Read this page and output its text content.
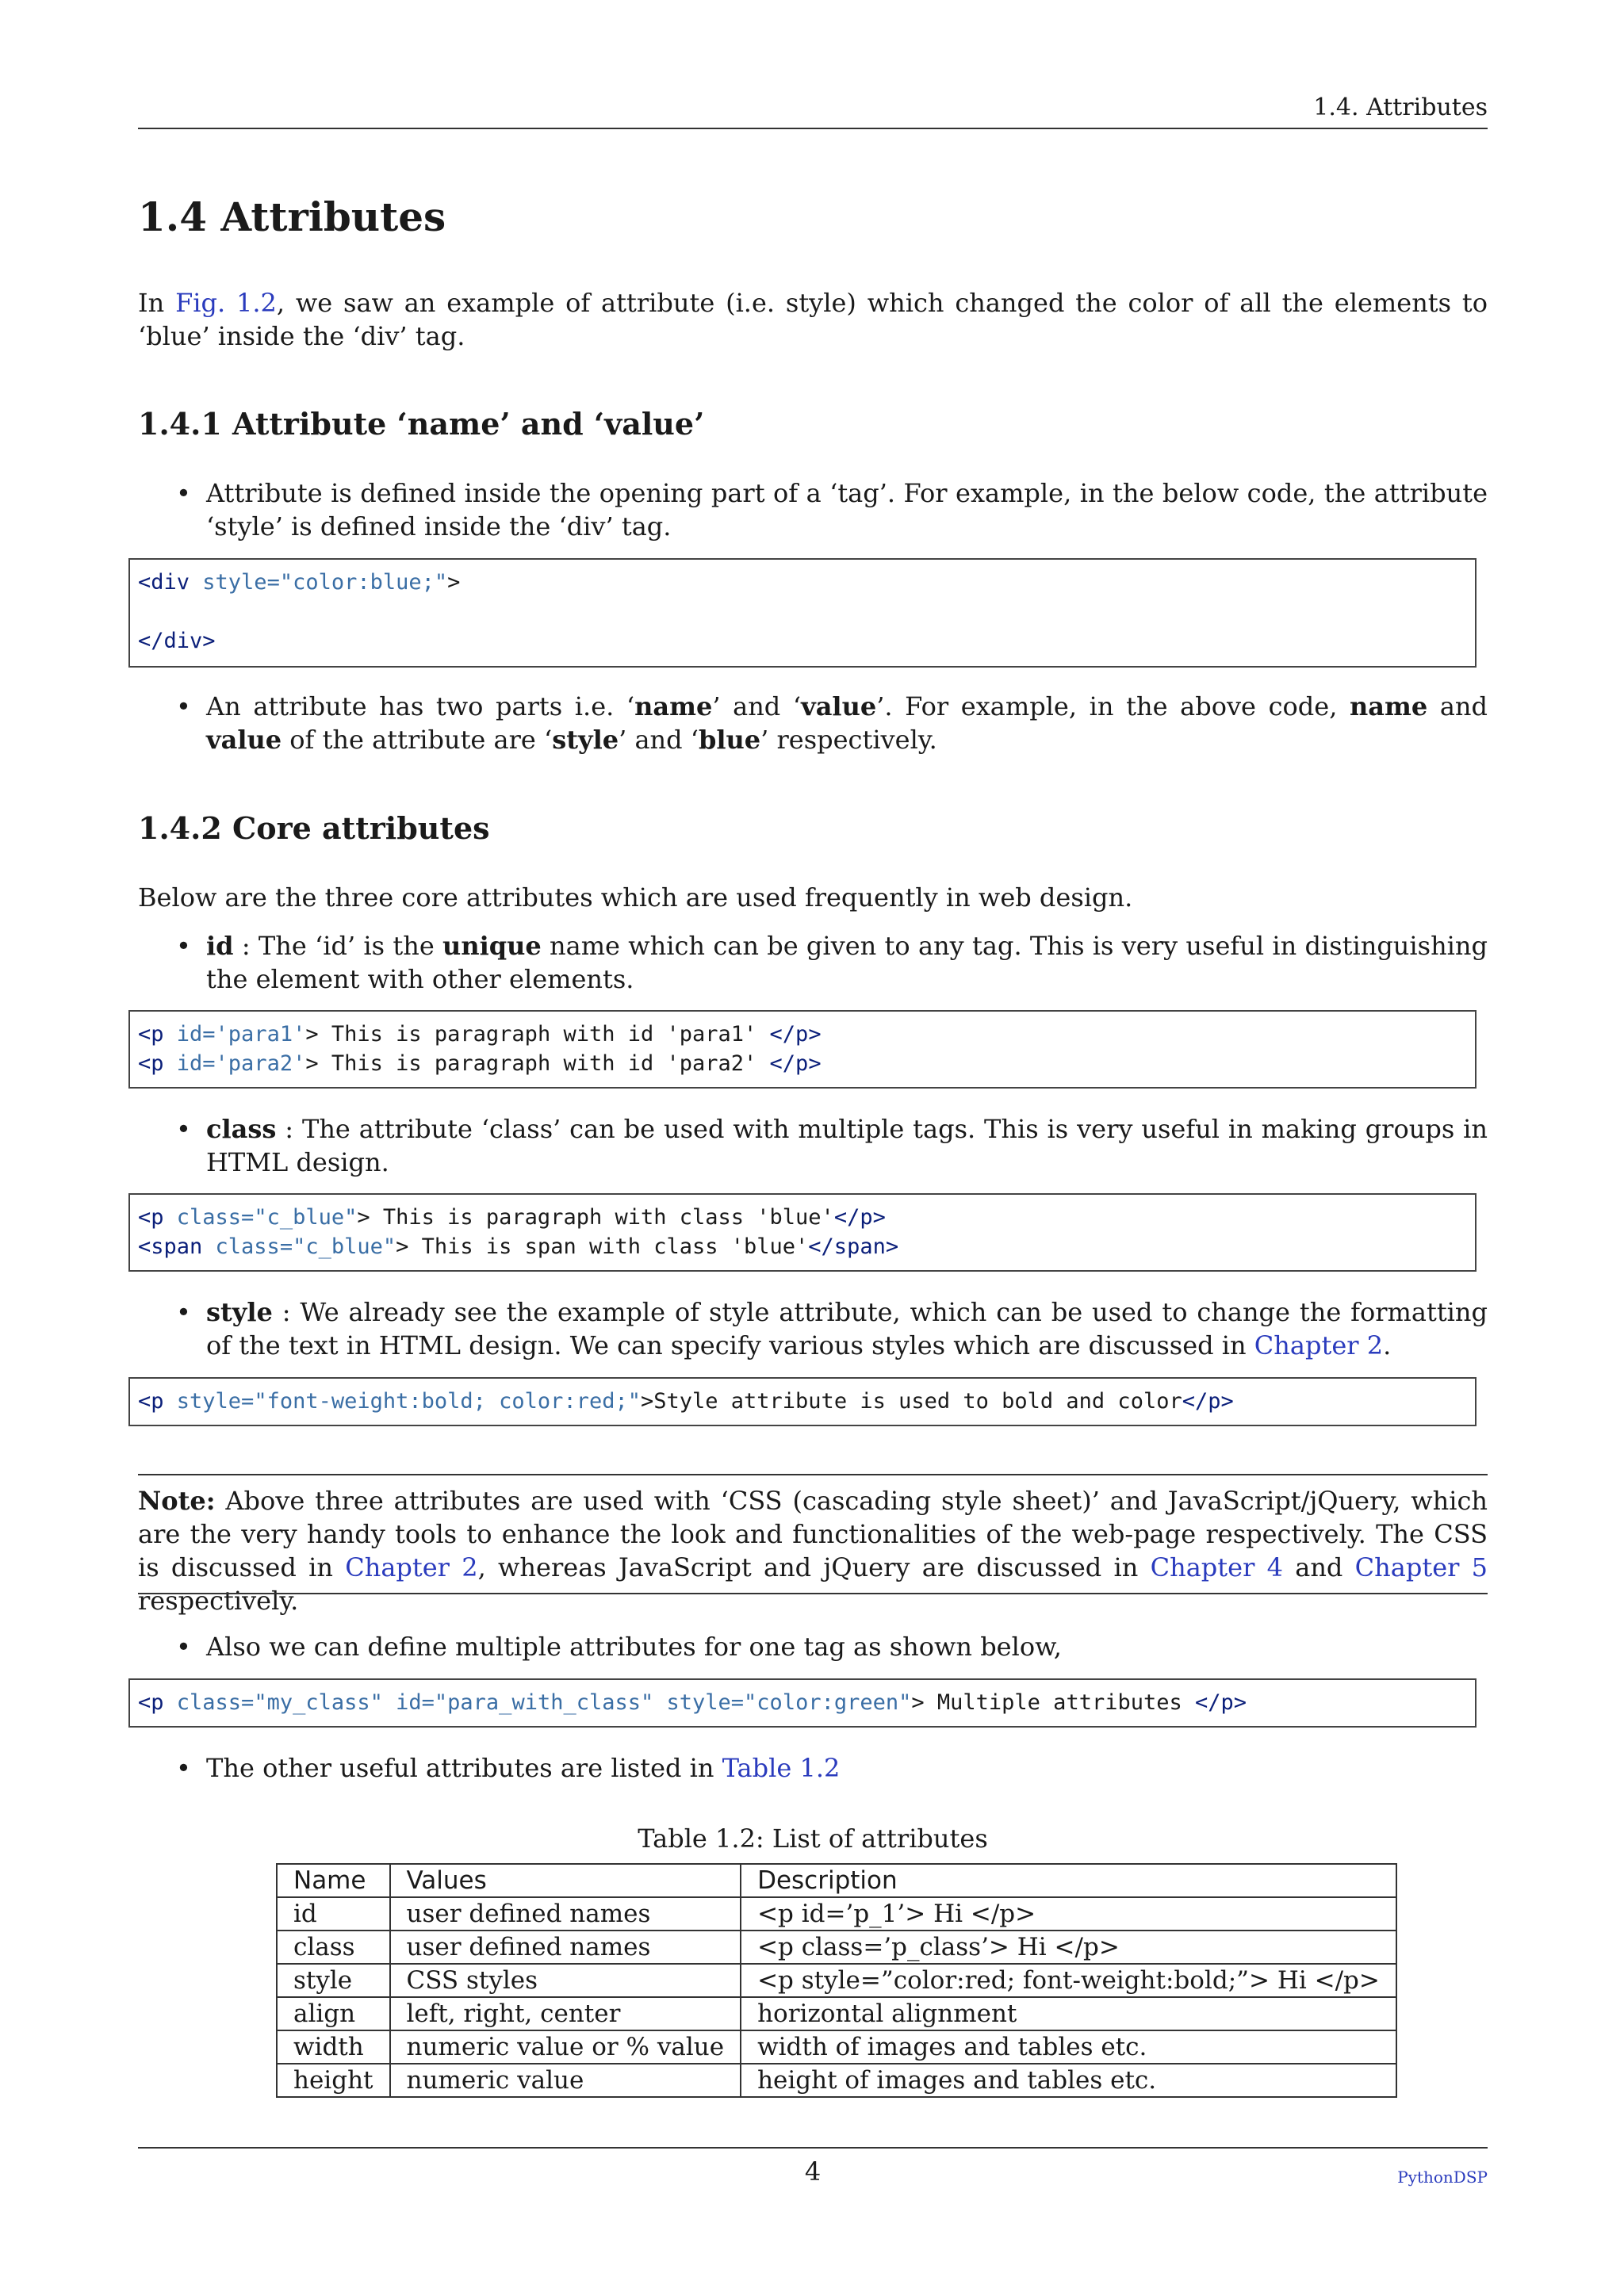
1.4. Attributes
1.4 Attributes

In Fig. 1.2, we saw an example of attribute (i.e. style) which changed the color of all the elements to ‘blue’ inside the ‘div’ tag.

1.4.1 Attribute ‘name’ and ‘value’
• Attribute is defined inside the opening part of a ‘tag’. For example, in the below code, the attribute ‘style’ is defined inside the ‘div’ tag.
<div style="color:blue;">

</div>
• An attribute has two parts i.e. ‘name’ and ‘value’. For example, in the above code, name and value of the attribute are ‘style’ and ‘blue’ respectively.
1.4.2 Core attributes

Below are the three core attributes which are used frequently in web design.

• id : The ‘id’ is the unique name which can be given to any tag. This is very useful in distinguishing the element with other elements.
<p id='para1'> This is paragraph with id 'para1' </p>
<p id='para2'> This is paragraph with id 'para2' </p>
• class : The attribute ‘class’ can be used with multiple tags. This is very useful in making groups in HTML design.
<p class="c_blue"> This is paragraph with class 'blue'</p>
<span class="c_blue"> This is span with class 'blue'</span>
• style : We already see the example of style attribute, which can be used to change the formatting of the text in HTML design. We can specify various styles which are discussed in Chapter 2.
<p style="font-weight:bold; color:red;">Style attribute is used to bold and color</p>

Note: Above three attributes are used with ‘CSS (cascading style sheet)’ and JavaScript/jQuery, which are the very handy tools to enhance the look and functionalities of the web-page respectively. The CSS is discussed in Chapter 2, whereas JavaScript and jQuery are discussed in Chapter 4 and Chapter 5 respectively.

• Also we can define multiple attributes for one tag as shown below,
<p class="my_class" id="para_with_class" style="color:green"> Multiple attributes </p>
• The other useful attributes are listed in Table 1.2
Table 1.2: List of attributes
Name	Values	Description
id	user defined names	<p id=’p_1’> Hi </p>
class	user defined names	<p class=’p_class’> Hi </p>
style	CSS styles	<p style=”color:red; font-weight:bold;”> Hi </p>
align	left, right, center	horizontal alignment
width	numeric value or % value	width of images and tables etc.
height	numeric value	height of images and tables etc.
4	PythonDSP
